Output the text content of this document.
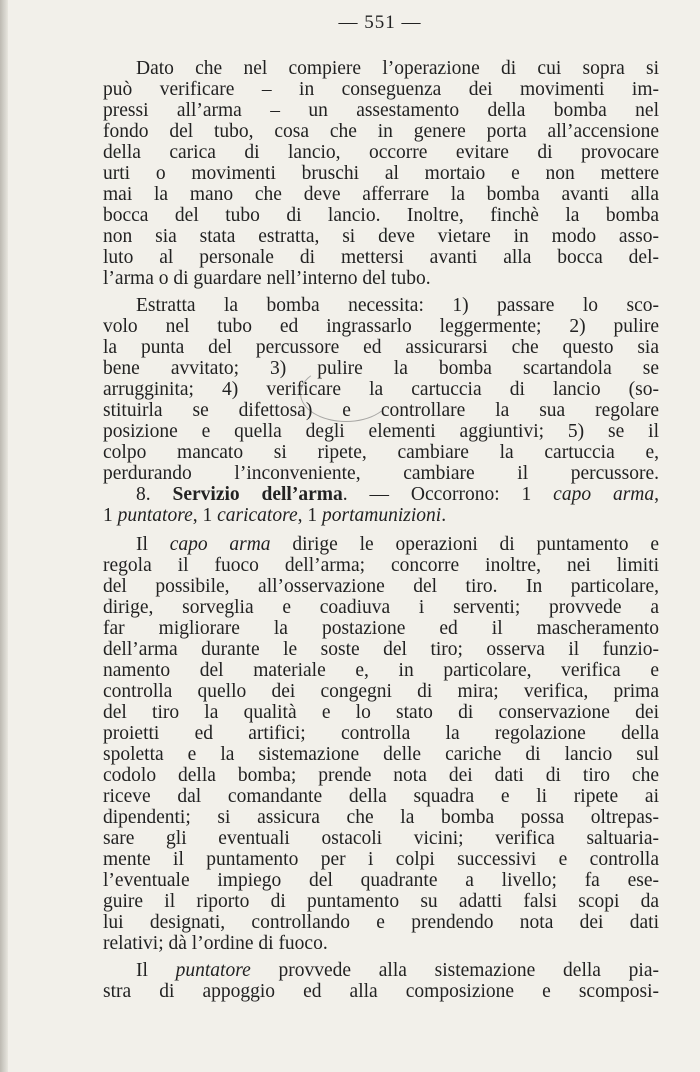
— 551 —
Dato che nel compiere l’operazione di cui sopra si
può verificare – in conseguenza dei movimenti im-
pressi all’arma – un assestamento della bomba nel
fondo del tubo, cosa che in genere porta all’accensione
della carica di lancio, occorre evitare di provocare
urti o movimenti bruschi al mortaio e non mettere
mai la mano che deve afferrare la bomba avanti alla
bocca del tubo di lancio. Inoltre, finchè la bomba
non sia stata estratta, si deve vietare in modo asso-
luto al personale di mettersi avanti alla bocca del-
l’arma o di guardare nell’interno del tubo.
Estratta la bomba necessita: 1) passare lo sco-
volo nel tubo ed ingrassarlo leggermente; 2) pulire
la punta del percussore ed assicurarsi che questo sia
bene avvitato; 3) pulire la bomba scartandola se
arrugginita; 4) verificare la cartuccia di lancio (so-
stituirla se difettosa) e controllare la sua regolare
posizione e quella degli elementi aggiuntivi; 5) se il
colpo mancato si ripete, cambiare la cartuccia e,
perdurando l’inconveniente, cambiare il percussore.
8. Servizio dell’arma. — Occorrono: 1 capo arma,
1 puntatore, 1 caricatore, 1 portamunizioni.
Il capo arma dirige le operazioni di puntamento e
regola il fuoco dell’arma; concorre inoltre, nei limiti
del possibile, all’osservazione del tiro. In particolare,
dirige, sorveglia e coadiuva i serventi; provvede a
far migliorare la postazione ed il mascheramento
dell’arma durante le soste del tiro; osserva il funzio-
namento del materiale e, in particolare, verifica e
controlla quello dei congegni di mira; verifica, prima
del tiro la qualità e lo stato di conservazione dei
proietti ed artifici; controlla la regolazione della
spoletta e la sistemazione delle cariche di lancio sul
codolo della bomba; prende nota dei dati di tiro che
riceve dal comandante della squadra e li ripete ai
dipendenti; si assicura che la bomba possa oltrepas-
sare gli eventuali ostacoli vicini; verifica saltuaria-
mente il puntamento per i colpi successivi e controlla
l’eventuale impiego del quadrante a livello; fa ese-
guire il riporto di puntamento su adatti falsi scopi da
lui designati, controllando e prendendo nota dei dati
relativi; dà l’ordine di fuoco.
Il puntatore provvede alla sistemazione della pia-
stra di appoggio ed alla composizione e scomposi-
